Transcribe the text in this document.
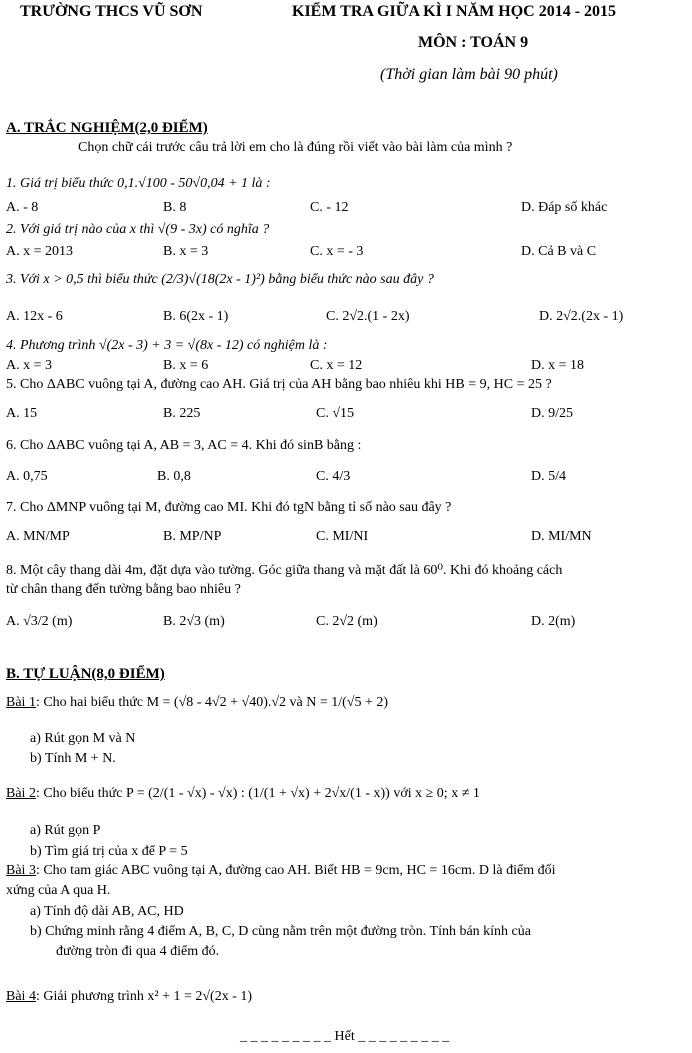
TRƯỜNG THCS VŨ SƠN	KIỂM TRA GIỮA KÌ I NĂM HỌC 2014 - 2015
MÔN : TOÁN 9
(Thời gian làm bài 90 phút)
A. TRẮC NGHIỆM(2,0 ĐIỂM)
Chọn chữ cái trước câu trả lời em cho là đúng rồi viết vào bài làm của mình ?
1. Giá trị biểu thức 0,1.√100 - 50√0,04 + 1 là :
A. - 8	B. 8	C. - 12	D. Đáp số khác
2. Với giá trị nào của x thì √(9 - 3x) có nghĩa ?
A. x = 2013	B. x = 3	C. x = - 3	D. Cả B và C
3. Với x > 0,5 thì biểu thức (2/3)√(18(2x - 1)²) bằng biểu thức nào sau đây ?
A. 12x - 6	B. 6(2x - 1)	C. 2√2.(1 - 2x)	D. 2√2.(2x - 1)
4. Phương trình √(2x - 3) + 3 = √(8x - 12) có nghiệm là :
A. x = 3	B. x = 6	C. x = 12	D. x = 18
5. Cho ΔABC vuông tại A, đường cao AH. Giá trị của AH bằng bao nhiêu khi HB = 9, HC = 25 ?
A. 15	B. 225	C. √15	D. 9/25
6. Cho ΔABC vuông tại A, AB = 3, AC = 4. Khi đó sinB bằng :
A. 0,75	B. 0,8	C. 4/3	D. 5/4
7. Cho ΔMNP vuông tại M, đường cao MI. Khi đó tgN bằng tỉ số nào sau đây ?
A. MN/MP	B. MP/NP	C. MI/NI	D. MI/MN
8. Một cây thang dài 4m, đặt dựa vào tường. Góc giữa thang và mặt đất là 60⁰. Khi đó khoảng cách
từ chân thang đến tường bằng bao nhiêu ?
A. √3/2 (m)	B. 2√3 (m)	C. 2√2 (m)	D. 2(m)
B. TỰ LUẬN(8,0 ĐIỂM)
Bài 1: Cho hai biểu thức M = (√8 - 4√2 + √40).√2 và N = 1/(√5 + 2)
a) Rút gọn M và N
b) Tính M + N.
Bài 2: Cho biểu thức P = (2/(1 - √x) - √x) : (1/(1 + √x) + 2√x/(1 - x)) với x ≥ 0; x ≠ 1
a) Rút gọn P
b) Tìm giá trị của x để P = 5
Bài 3: Cho tam giác ABC vuông tại A, đường cao AH. Biết HB = 9cm, HC = 16cm. D là điểm đối
xứng của A qua H.
a) Tính độ dài AB, AC, HD
b) Chứng minh rằng 4 điểm A, B, C, D cùng nằm trên một đường tròn. Tính bán kính của
đường tròn đi qua 4 điểm đó.
Bài 4: Giải phương trình x² + 1 = 2√(2x - 1)
_ _ _ _ _ _ _ _ _ Hết _ _ _ _ _ _ _ _ _
